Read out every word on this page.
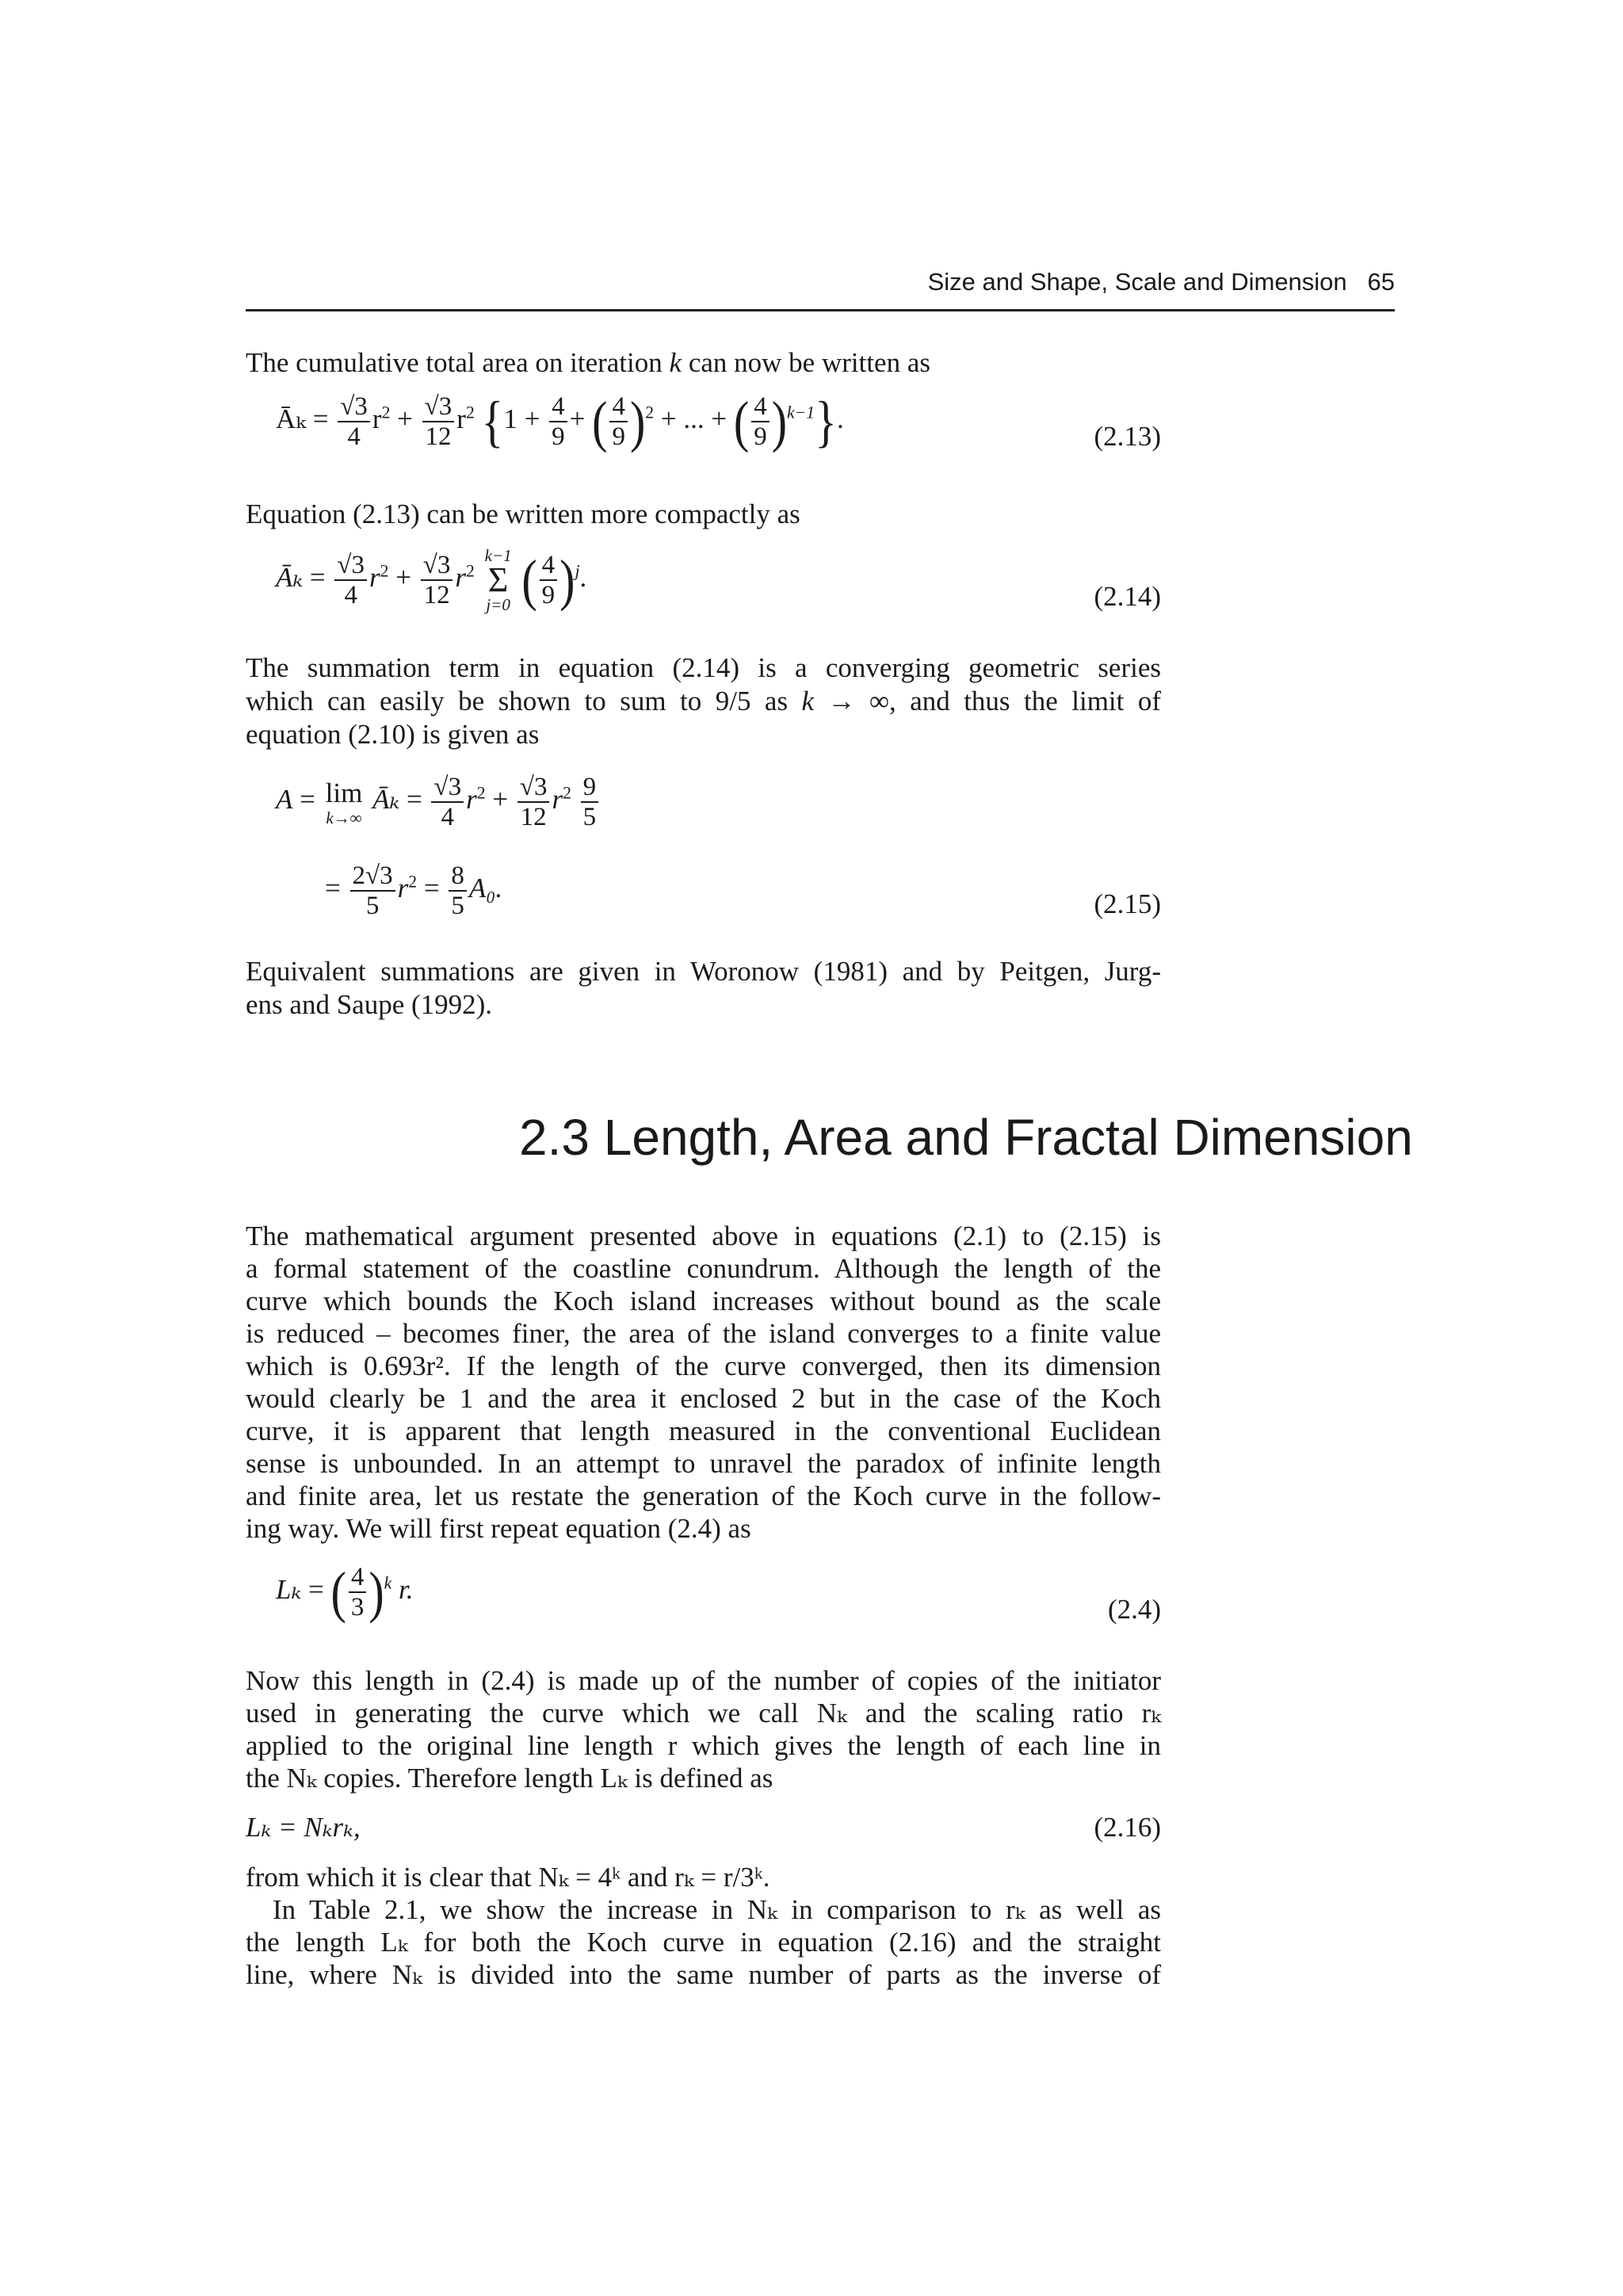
Size and Shape, Scale and Dimension 65
The cumulative total area on iteration k can now be written as
Āₖ = $\frac{√3}{4} r^2 + \frac{√3}{12} r^2$ {$1 + \frac{4}{9}$ + ( $\frac{4}{9} )^2$ + ... + ( $\frac{4}{9} )^{k-1}$}.
(2.13)
Equation (2.13) can be written more compactly as
Āₖ = $\frac{√3}{4} r^2 + \frac{√3}{12} r^2$
k−1
Σ
j=0 ( $\frac{4}{9} )^j$.
(2.14)
The summation term in equation (2.14) is a converging geometric series
which can easily be shown to sum to 9/5 as k → ∞, and thus the limit of
equation (2.10) is given as
A = lim
k→∞
Āₖ = $\frac{√3}{4} r^2 + \frac{√3}{12} r^2 \frac{9}{5}$
= $\frac{2√3}{5} r^2 = \frac{8}{5} A_0$.
(2.15)
Equivalent summations are given in Woronow (1981) and by Peitgen, Jurg-
ens and Saupe (1992).
2.3 Length, Area and Fractal Dimension
The mathematical argument presented above in equations (2.1) to (2.15) is
a formal statement of the coastline conundrum. Although the length of the
curve which bounds the Koch island increases without bound as the scale
is reduced – becomes finer, the area of the island converges to a finite value
which is 0.693r². If the length of the curve converged, then its dimension
would clearly be 1 and the area it enclosed 2 but in the case of the Koch
curve, it is apparent that length measured in the conventional Euclidean
sense is unbounded. In an attempt to unravel the paradox of infinite length
and finite area, let us restate the generation of the Koch curve in the follow-
ing way. We will first repeat equation (2.4) as
Lₖ = ( $\frac{4}{3} )^k$ r.
(2.4)
Now this length in (2.4) is made up of the number of copies of the initiator
used in generating the curve which we call Nₖ and the scaling ratio rₖ
applied to the original line length r which gives the length of each line in
the Nₖ copies. Therefore length Lₖ is defined as
Lₖ = Nₖrₖ,	(2.16)
from which it is clear that Nₖ = 4ᵏ and rₖ = r/3ᵏ.
In Table 2.1, we show the increase in Nₖ in comparison to rₖ as well as
the length Lₖ for both the Koch curve in equation (2.16) and the straight
line, where Nₖ is divided into the same number of parts as the inverse of
